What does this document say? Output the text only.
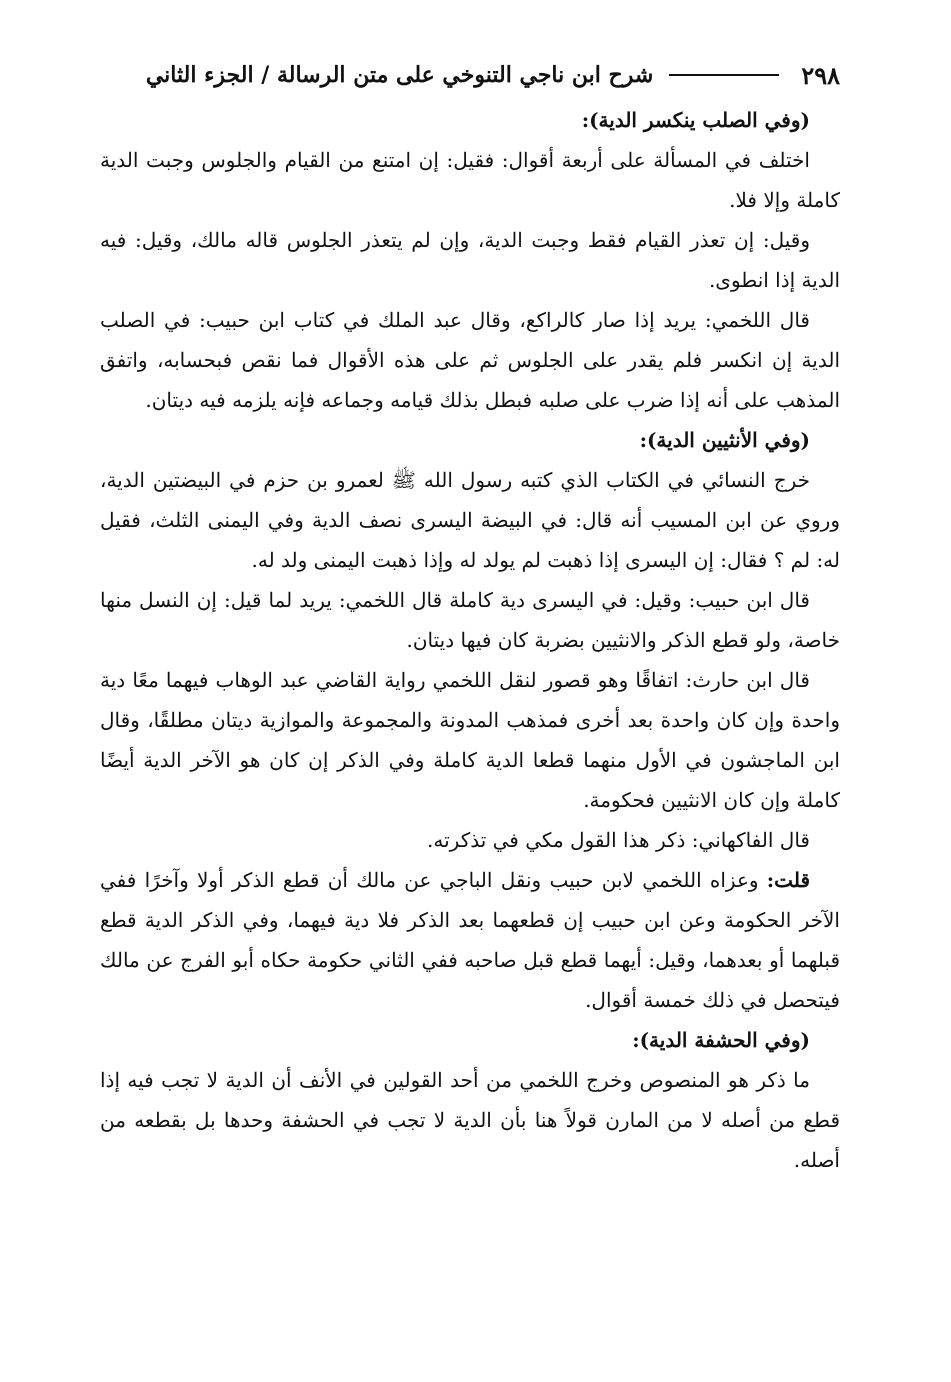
٢٩٨
شرح ابن ناجي التنوخي على متن الرسالة / الجزء الثاني

(وفي الصلب ينكسر الدية):

اختلف في المسألة على أربعة أقوال: فقيل: إن امتنع من القيام والجلوس وجبت الدية كاملة وإلا فلا.

وقيل: إن تعذر القيام فقط وجبت الدية، وإن لم يتعذر الجلوس قاله مالك، وقيل: فيه الدية إذا انطوى.

قال اللخمي: يريد إذا صار كالراكع، وقال عبد الملك في كتاب ابن حبيب: في الصلب الدية إن انكسر فلم يقدر على الجلوس ثم على هذه الأقوال فما نقص فبحسابه، واتفق المذهب على أنه إذا ضرب على صلبه فبطل بذلك قيامه وجماعه فإنه يلزمه فيه ديتان.

(وفي الأنثيين الدية):

خرج النسائي في الكتاب الذي كتبه رسول الله ﷺ لعمرو بن حزم في البيضتين الدية، وروي عن ابن المسيب أنه قال: في البيضة اليسرى نصف الدية وفي اليمنى الثلث، فقيل له: لم ؟ فقال: إن اليسرى إذا ذهبت لم يولد له وإذا ذهبت اليمنى ولد له.

قال ابن حبيب: وقيل: في اليسرى دية كاملة قال اللخمي: يريد لما قيل: إن النسل منها خاصة، ولو قطع الذكر والانثيين بضربة كان فيها ديتان.

قال ابن حارث: اتفاقًا وهو قصور لنقل اللخمي رواية القاضي عبد الوهاب فيهما معًا دية واحدة وإن كان واحدة بعد أخرى فمذهب المدونة والمجموعة والموازية ديتان مطلقًا، وقال ابن الماجشون في الأول منهما قطعا الدية كاملة وفي الذكر إن كان هو الآخر الدية أيضًا كاملة وإن كان الانثيين فحكومة.

قال الفاكهاني: ذكر هذا القول مكي في تذكرته.

قلت: وعزاه اللخمي لابن حبيب ونقل الباجي عن مالك أن قطع الذكر أولا وآخرًا ففي الآخر الحكومة وعن ابن حبيب إن قطعهما بعد الذكر فلا دية فيهما، وفي الذكر الدية قطع قبلهما أو بعدهما، وقيل: أيهما قطع قبل صاحبه ففي الثاني حكومة حكاه أبو الفرج عن مالك فيتحصل في ذلك خمسة أقوال.

(وفي الحشفة الدية):

ما ذكر هو المنصوص وخرج اللخمي من أحد القولين في الأنف أن الدية لا تجب فيه إذا قطع من أصله لا من المارن قولاً هنا بأن الدية لا تجب في الحشفة وحدها بل بقطعه من أصله.
